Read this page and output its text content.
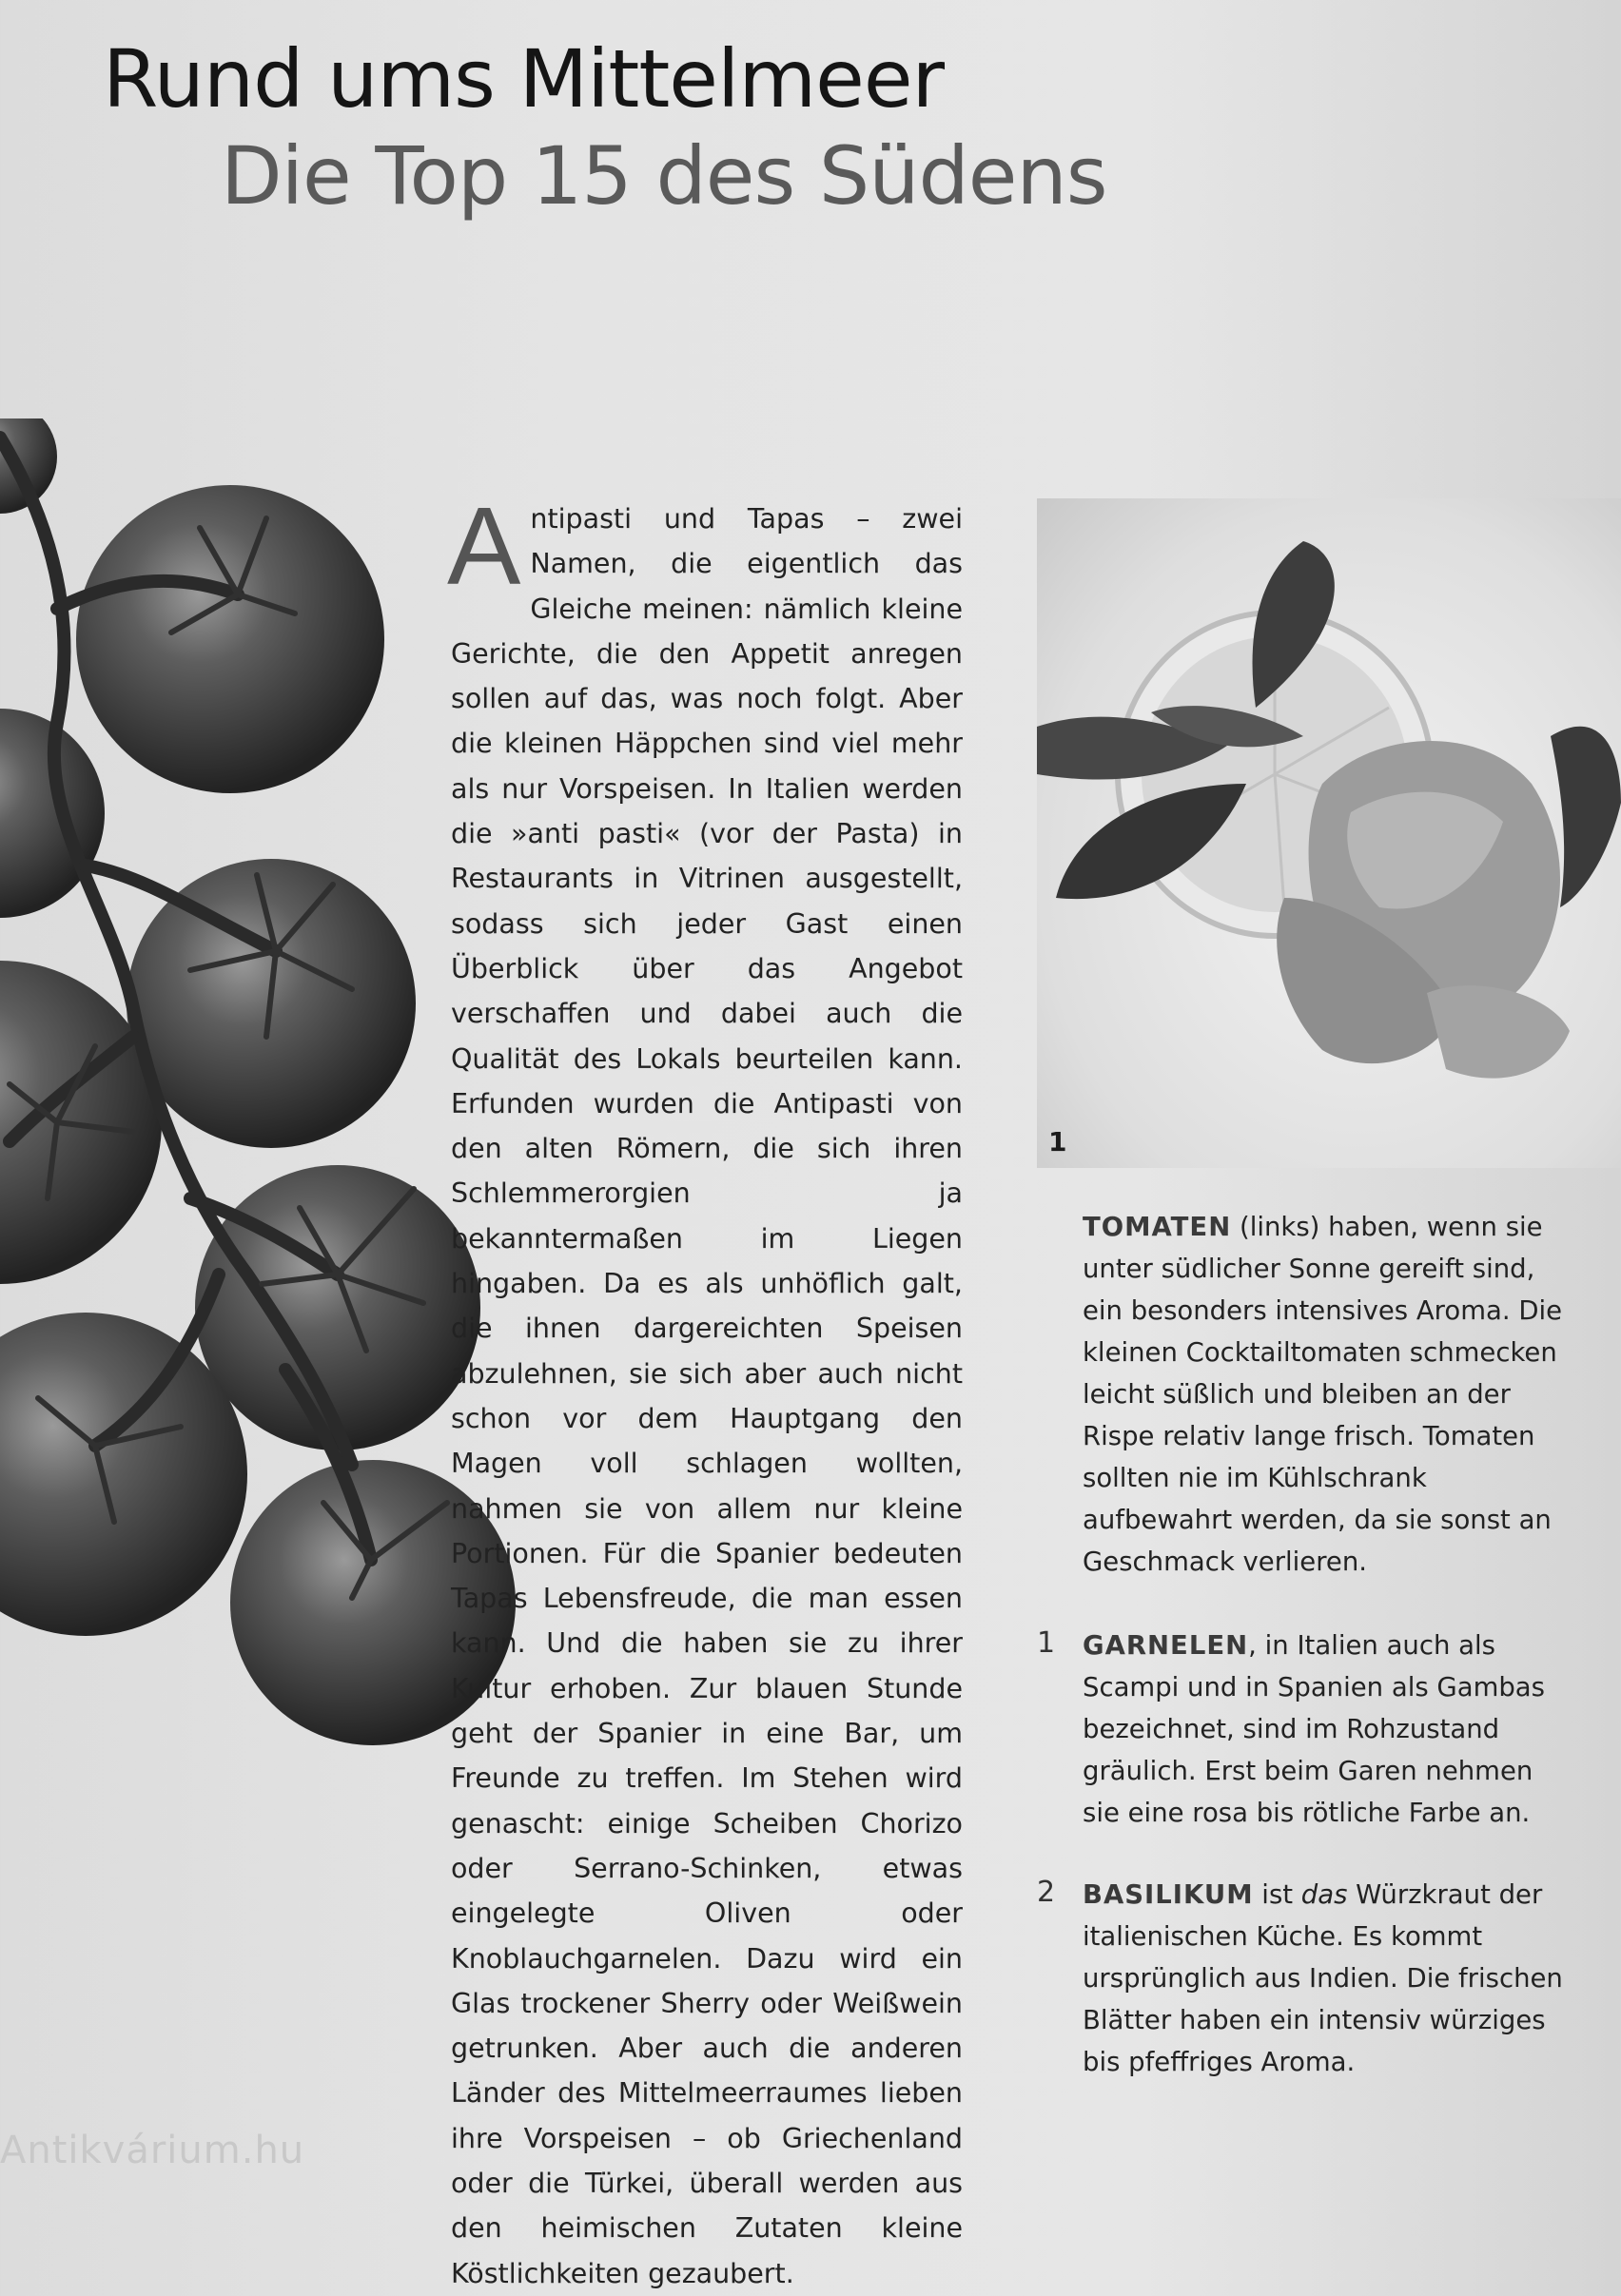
Rund ums Mittelmeer
Die Top 15 des Südens
A ntipasti und Tapas – zwei Namen, die eigentlich das Gleiche meinen: nämlich kleine Gerichte, die den Appetit anregen sollen auf das, was noch folgt. Aber die kleinen Häppchen sind viel mehr als nur Vorspeisen. In Italien werden die »anti pasti« (vor der Pasta) in Restaurants in Vitrinen ausgestellt, sodass sich jeder Gast einen Überblick über das Angebot verschaffen und dabei auch die Qualität des Lokals beurteilen kann. Erfunden wurden die Antipasti von den alten Römern, die sich ihren Schlemmerorgien ja bekanntermaßen im Liegen hingaben. Da es als unhöflich galt, die ihnen dargereichten Speisen abzulehnen, sie sich aber auch nicht schon vor dem Hauptgang den Magen voll schlagen wollten, nahmen sie von allem nur kleine Portionen. Für die Spanier bedeuten Tapas Lebensfreude, die man essen kann. Und die haben sie zu ihrer Kultur erhoben. Zur blauen Stunde geht der Spanier in eine Bar, um Freunde zu treffen. Im Stehen wird genascht: einige Scheiben Chorizo oder Serrano-Schinken, etwas eingelegte Oliven oder Knoblauchgarnelen. Dazu wird ein Glas trockener Sherry oder Weißwein getrunken. Aber auch die anderen Länder des Mittelmeerraumes lieben ihre Vorspeisen – ob Griechenland oder die Türkei, überall werden aus den heimischen Zutaten kleine Köstlichkeiten gezaubert.
1
TOMATEN (links) haben, wenn sie unter südlicher Sonne gereift sind, ein besonders intensives Aroma. Die kleinen Cocktailtomaten schmecken leicht süßlich und bleiben an der Rispe relativ lange frisch. Tomaten sollten nie im Kühlschrank aufbewahrt werden, da sie sonst an Geschmack verlieren.
1 GARNELEN, in Italien auch als Scampi und in Spanien als Gambas bezeichnet, sind im Rohzustand gräulich. Erst beim Garen nehmen sie eine rosa bis rötliche Farbe an.
2 BASILIKUM ist das Würzkraut der italienischen Küche. Es kommt ursprünglich aus Indien. Die frischen Blätter haben ein intensiv würziges bis pfeffriges Aroma.
Antikvárium.hu
